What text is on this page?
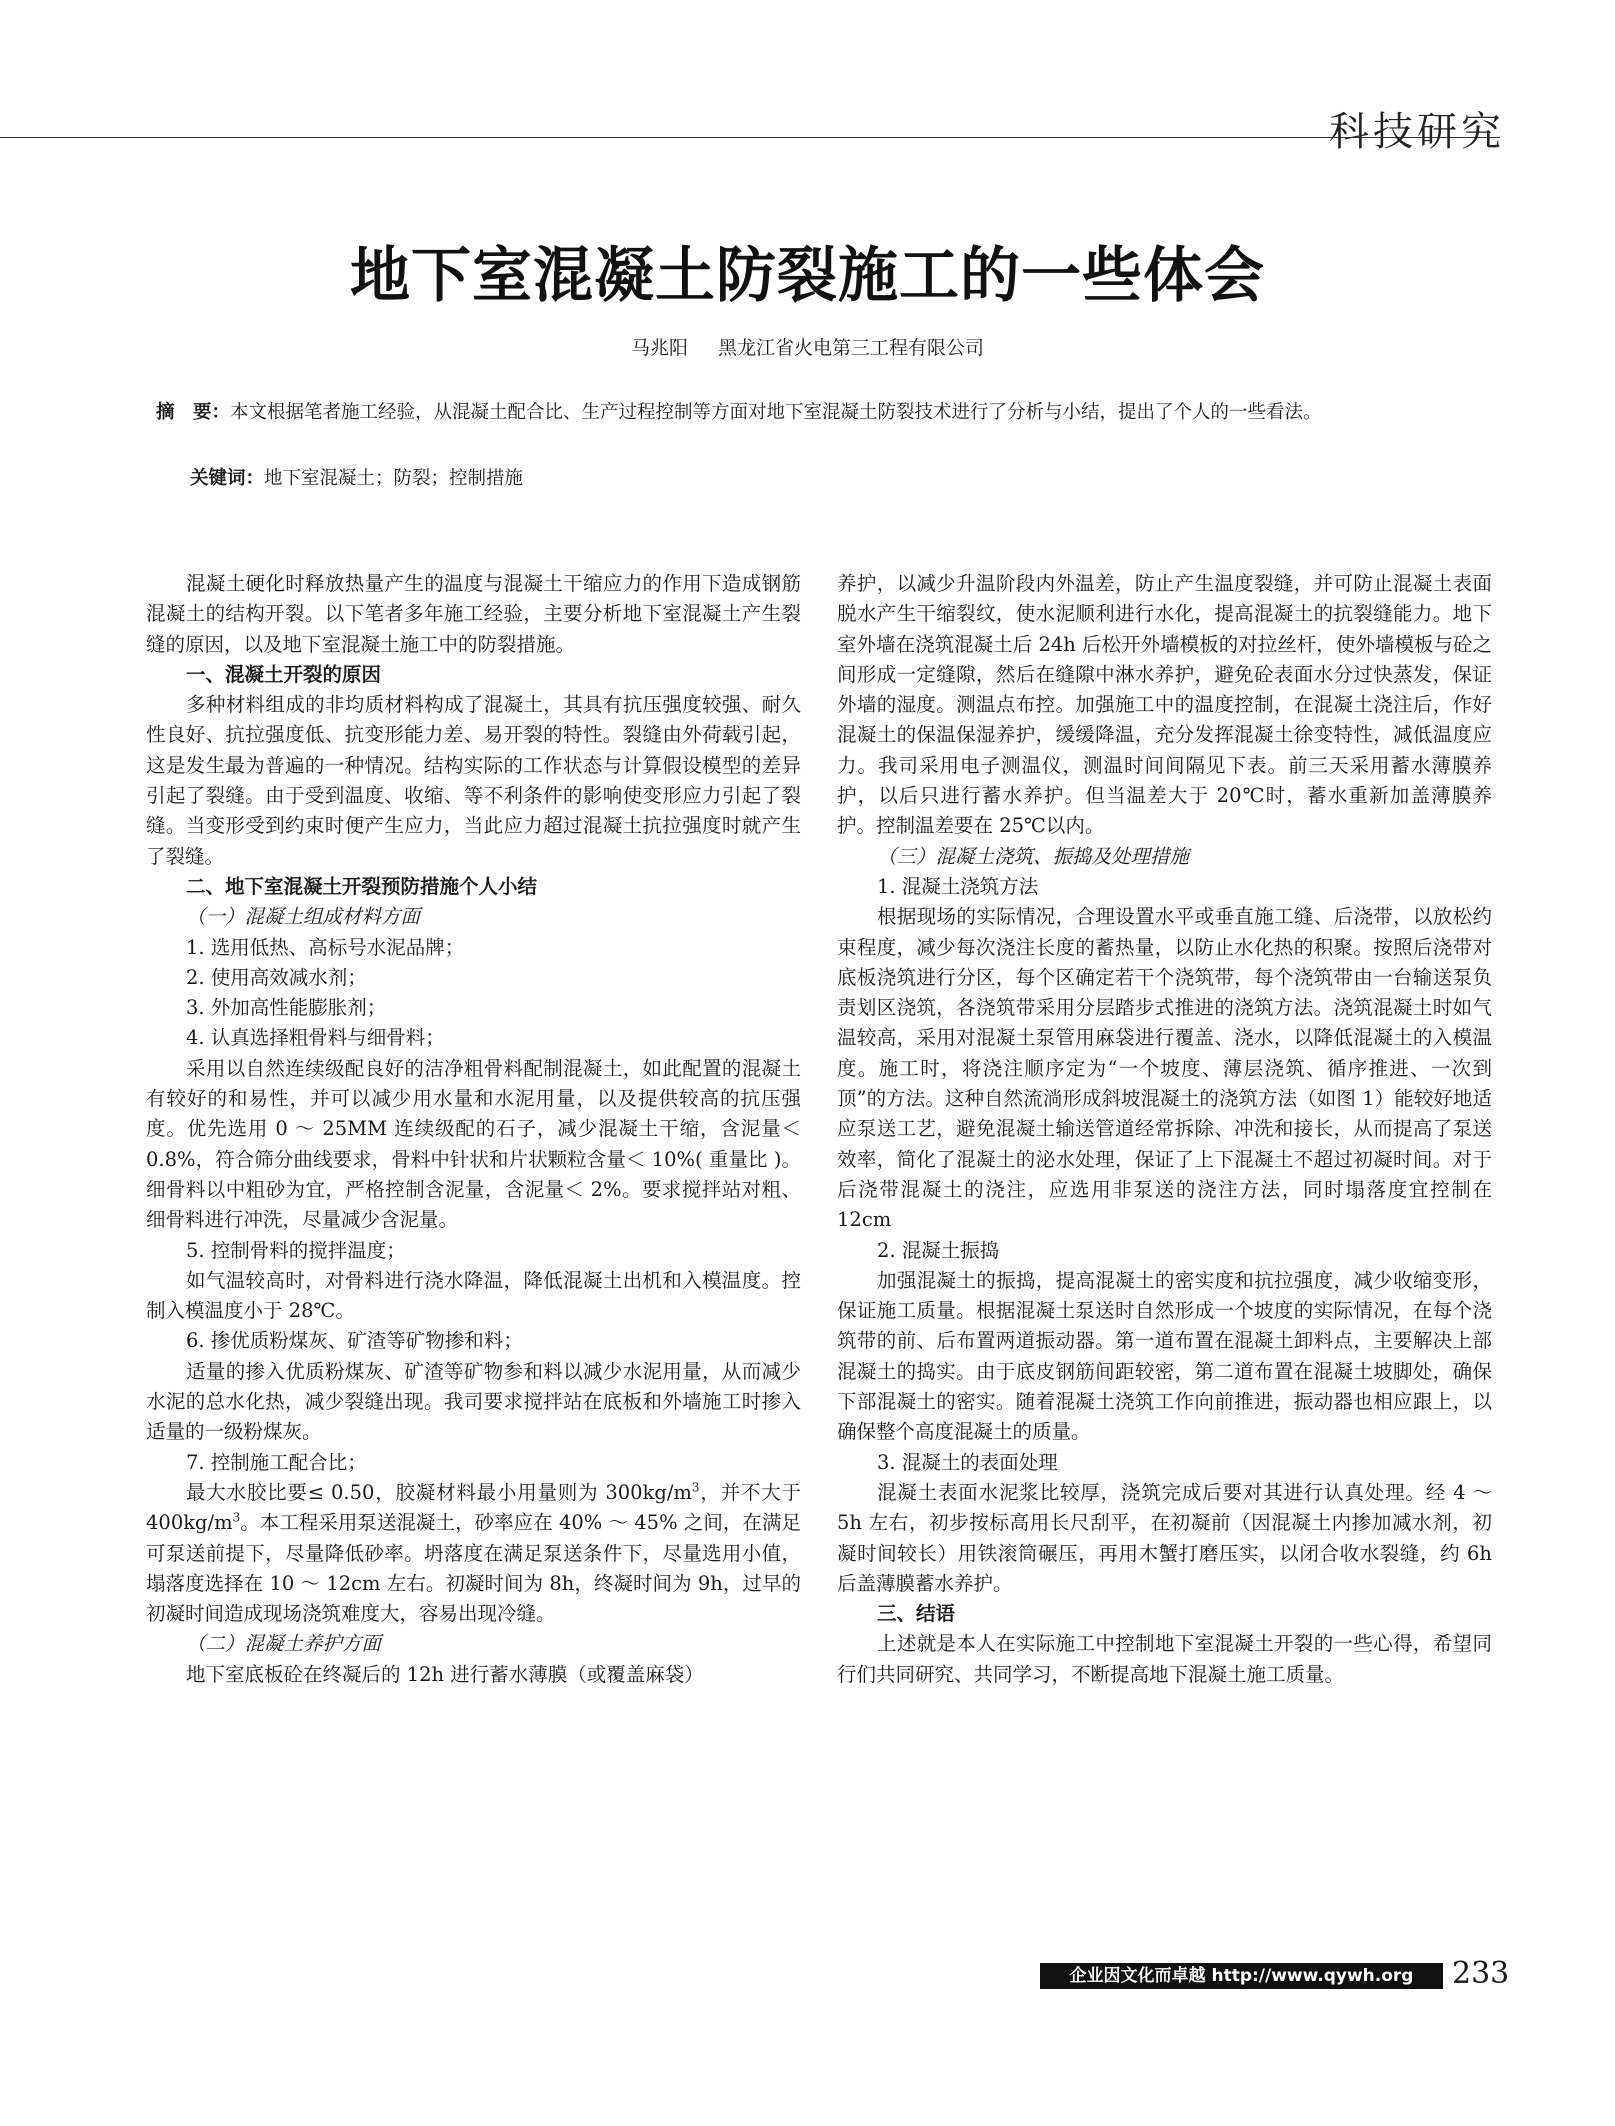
科技研究
地下室混凝土防裂施工的一些体会
马兆阳 黑龙江省火电第三工程有限公司
摘　要：本文根据笔者施工经验，从混凝土配合比、生产过程控制等方面对地下室混凝土防裂技术进行了分析与小结，提出了个人的一些看法。
关键词：地下室混凝土；防裂；控制措施

混凝土硬化时释放热量产生的温度与混凝土干缩应力的作用下造成钢筋混凝土的结构开裂。以下笔者多年施工经验，主要分析地下室混凝土产生裂缝的原因，以及地下室混凝土施工中的防裂措施。

一、混凝土开裂的原因

多种材料组成的非均质材料构成了混凝土，其具有抗压强度较强、耐久性良好、抗拉强度低、抗变形能力差、易开裂的特性。裂缝由外荷载引起，这是发生最为普遍的一种情况。结构实际的工作状态与计算假设模型的差异引起了裂缝。由于受到温度、收缩、等不利条件的影响使变形应力引起了裂缝。当变形受到约束时便产生应力，当此应力超过混凝土抗拉强度时就产生了裂缝。

二、地下室混凝土开裂预防措施个人小结

（一）混凝土组成材料方面

1. 选用低热、高标号水泥品牌；

2. 使用高效减水剂；

3. 外加高性能膨胀剂；

4. 认真选择粗骨料与细骨料；

采用以自然连续级配良好的洁净粗骨料配制混凝土，如此配置的混凝土有较好的和易性，并可以减少用水量和水泥用量，以及提供较高的抗压强度。优先选用 0 ～ 25MM 连续级配的石子，减少混凝土干缩，含泥量＜ 0.8%，符合筛分曲线要求，骨料中针状和片状颗粒含量＜ 10%( 重量比 )。细骨料以中粗砂为宜，严格控制含泥量，含泥量＜ 2%。要求搅拌站对粗、细骨料进行冲洗，尽量减少含泥量。

5. 控制骨料的搅拌温度；

如气温较高时，对骨料进行浇水降温，降低混凝土出机和入模温度。控制入模温度小于 28℃。

6. 掺优质粉煤灰、矿渣等矿物掺和料；

适量的掺入优质粉煤灰、矿渣等矿物参和料以减少水泥用量，从而减少水泥的总水化热，减少裂缝出现。我司要求搅拌站在底板和外墙施工时掺入适量的一级粉煤灰。

7. 控制施工配合比；

最大水胶比要≤ 0.50，胶凝材料最小用量则为 $300kg/m^3$，并不大于 $400kg/m^3$。本工程采用泵送混凝土，砂率应在 40% ～ 45% 之间，在满足可泵送前提下，尽量降低砂率。坍落度在满足泵送条件下，尽量选用小值，塌落度选择在 10 ～ 12cm 左右。初凝时间为 8h，终凝时间为 9h，过早的初凝时间造成现场浇筑难度大，容易出现冷缝。

（二）混凝土养护方面

地下室底板砼在终凝后的 12h 进行蓄水薄膜（或覆盖麻袋）

养护，以减少升温阶段内外温差，防止产生温度裂缝，并可防止混凝土表面脱水产生干缩裂纹，使水泥顺利进行水化，提高混凝土的抗裂缝能力。地下室外墙在浇筑混凝土后 24h 后松开外墙模板的对拉丝杆，使外墙模板与砼之间形成一定缝隙，然后在缝隙中淋水养护，避免砼表面水分过快蒸发，保证外墙的湿度。测温点布控。加强施工中的温度控制，在混凝土浇注后，作好混凝土的保温保湿养护，缓缓降温，充分发挥混凝土徐变特性，减低温度应力。我司采用电子测温仪，测温时间间隔见下表。前三天采用蓄水薄膜养护，以后只进行蓄水养护。但当温差大于 20℃时，蓄水重新加盖薄膜养护。控制温差要在 25℃以内。

（三）混凝土浇筑、振捣及处理措施

1. 混凝土浇筑方法

根据现场的实际情况，合理设置水平或垂直施工缝、后浇带，以放松约束程度，减少每次浇注长度的蓄热量，以防止水化热的积聚。按照后浇带对底板浇筑进行分区，每个区确定若干个浇筑带，每个浇筑带由一台输送泵负责划区浇筑，各浇筑带采用分层踏步式推进的浇筑方法。浇筑混凝土时如气温较高，采用对混凝土泵管用麻袋进行覆盖、浇水，以降低混凝土的入模温度。施工时，将浇注顺序定为“一个坡度、薄层浇筑、循序推进、一次到顶”的方法。这种自然流淌形成斜坡混凝土的浇筑方法（如图 1）能较好地适应泵送工艺，避免混凝土输送管道经常拆除、冲洗和接长，从而提高了泵送效率，简化了混凝土的泌水处理，保证了上下混凝土不超过初凝时间。对于后浇带混凝土的浇注，应选用非泵送的浇注方法，同时塌落度宜控制在 12cm

2. 混凝土振捣

加强混凝土的振捣，提高混凝土的密实度和抗拉强度，减少收缩变形，保证施工质量。根据混凝土泵送时自然形成一个坡度的实际情况，在每个浇筑带的前、后布置两道振动器。第一道布置在混凝土卸料点，主要解决上部混凝土的捣实。由于底皮钢筋间距较密，第二道布置在混凝土坡脚处，确保下部混凝土的密实。随着混凝土浇筑工作向前推进，振动器也相应跟上，以确保整个高度混凝土的质量。

3. 混凝土的表面处理

混凝土表面水泥浆比较厚，浇筑完成后要对其进行认真处理。经 4 ～ 5h 左右，初步按标高用长尺刮平，在初凝前（因混凝土内掺加减水剂，初凝时间较长）用铁滚筒碾压，再用木蟹打磨压实，以闭合收水裂缝，约 6h 后盖薄膜蓄水养护。

三、结语

上述就是本人在实际施工中控制地下室混凝土开裂的一些心得，希望同行们共同研究、共同学习，不断提高地下混凝土施工质量。

企业因文化而卓越 http://www.qywh.org	233
